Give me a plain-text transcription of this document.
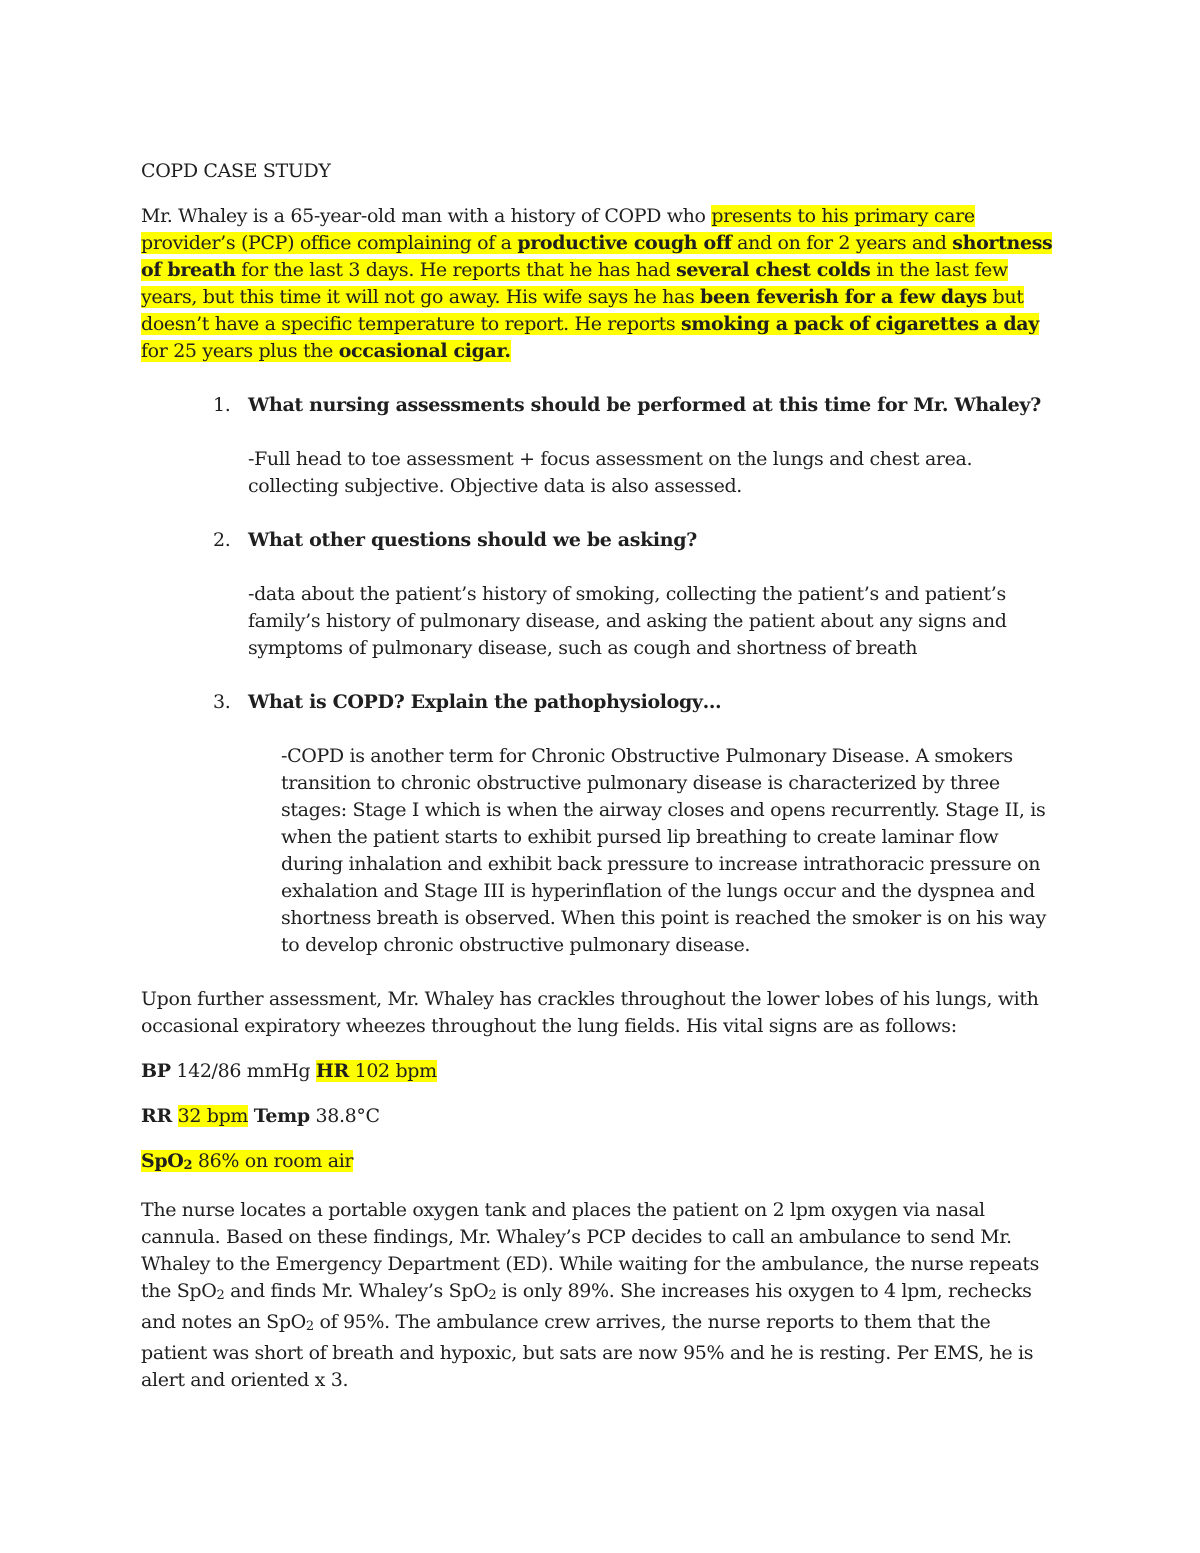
COPD CASE STUDY

Mr. Whaley is a 65-year-old man with a history of COPD who presents to his primary care provider’s (PCP) office complaining of a productive cough off and on for 2 years and shortness of breath for the last 3 days. He reports that he has had several chest colds in the last few years, but this time it will not go away. His wife says he has been feverish for a few days but doesn’t have a specific temperature to report. He reports smoking a pack of cigarettes a day for 25 years plus the occasional cigar.

1. What nursing assessments should be performed at this time for Mr. Whaley?

-Full head to toe assessment + focus assessment on the lungs and chest area. collecting subjective. Objective data is also assessed.

2. What other questions should we be asking?

-data about the patient’s history of smoking, collecting the patient’s and patient’s family’s history of pulmonary disease, and asking the patient about any signs and symptoms of pulmonary disease, such as cough and shortness of breath

3. What is COPD? Explain the pathophysiology…

-COPD is another term for Chronic Obstructive Pulmonary Disease. A smokers transition to chronic obstructive pulmonary disease is characterized by three stages: Stage I which is when the airway closes and opens recurrently. Stage II, is when the patient starts to exhibit pursed lip breathing to create laminar flow during inhalation and exhibit back pressure to increase intrathoracic pressure on exhalation and Stage III is hyperinflation of the lungs occur and the dyspnea and shortness breath is observed. When this point is reached the smoker is on his way to develop chronic obstructive pulmonary disease.

Upon further assessment, Mr. Whaley has crackles throughout the lower lobes of his lungs, with occasional expiratory wheezes throughout the lung fields. His vital signs are as follows:

BP 142/86 mmHg HR 102 bpm

RR 32 bpm Temp 38.8°C

SpO$_2$ 86% on room air

The nurse locates a portable oxygen tank and places the patient on 2 lpm oxygen via nasal cannula. Based on these findings, Mr. Whaley’s PCP decides to call an ambulance to send Mr. Whaley to the Emergency Department (ED). While waiting for the ambulance, the nurse repeats the SpO$_2$ and finds Mr. Whaley’s SpO$_2$ is only 89%. She increases his oxygen to 4 lpm, rechecks and notes an SpO$_2$ of 95%. The ambulance crew arrives, the nurse reports to them that the patient was short of breath and hypoxic, but sats are now 95% and he is resting. Per EMS, he is alert and oriented x 3.
